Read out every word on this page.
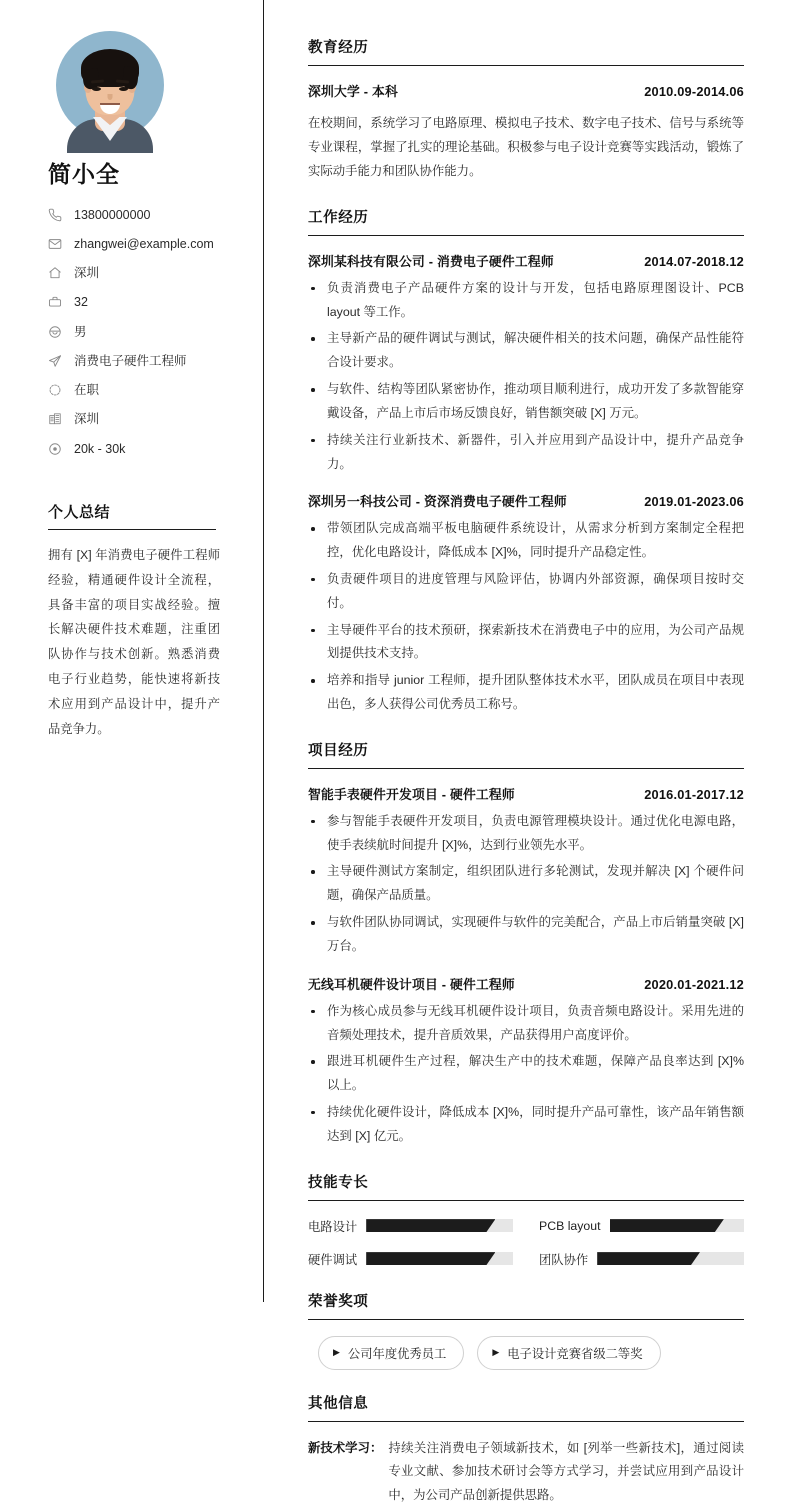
简小全
13800000000
zhangwei@example.com
深圳
32
男
消费电子硬件工程师
在职
深圳
20k - 30k
个人总结

拥有 [X] 年消费电子硬件工程师经验，精通硬件设计全流程，具备丰富的项目实战经验。擅长解决硬件技术难题，注重团队协作与技术创新。熟悉消费电子行业趋势，能快速将新技术应用到产品设计中，提升产品竞争力。

教育经历
深圳大学 - 本科	2010.09-2014.06

在校期间，系统学习了电路原理、模拟电子技术、数字电子技术、信号与系统等专业课程，掌握了扎实的理论基础。积极参与电子设计竞赛等实践活动，锻炼了实际动手能力和团队协作能力。

工作经历
深圳某科技有限公司 - 消费电子硬件工程师	2014.07-2018.12
负责消费电子产品硬件方案的设计与开发，包括电路原理图设计、PCB layout 等工作。
主导新产品的硬件调试与测试，解决硬件相关的技术问题，确保产品性能符合设计要求。
与软件、结构等团队紧密协作，推动项目顺利进行，成功开发了多款智能穿戴设备，产品上市后市场反馈良好，销售额突破 [X] 万元。
持续关注行业新技术、新器件，引入并应用到产品设计中，提升产品竞争力。
深圳另一科技公司 - 资深消费电子硬件工程师	2019.01-2023.06
带领团队完成高端平板电脑硬件系统设计，从需求分析到方案制定全程把控，优化电路设计，降低成本 [X]%，同时提升产品稳定性。
负责硬件项目的进度管理与风险评估，协调内外部资源，确保项目按时交付。
主导硬件平台的技术预研，探索新技术在消费电子中的应用，为公司产品规划提供技术支持。
培养和指导 junior 工程师，提升团队整体技术水平，团队成员在项目中表现出色，多人获得公司优秀员工称号。
项目经历
智能手表硬件开发项目 - 硬件工程师	2016.01-2017.12
参与智能手表硬件开发项目，负责电源管理模块设计。通过优化电源电路，使手表续航时间提升 [X]%，达到行业领先水平。
主导硬件测试方案制定，组织团队进行多轮测试，发现并解决 [X] 个硬件问题，确保产品质量。
与软件团队协同调试，实现硬件与软件的完美配合，产品上市后销量突破 [X] 万台。
无线耳机硬件设计项目 - 硬件工程师	2020.01-2021.12
作为核心成员参与无线耳机硬件设计项目，负责音频电路设计。采用先进的音频处理技术，提升音质效果，产品获得用户高度评价。
跟进耳机硬件生产过程，解决生产中的技术难题，保障产品良率达到 [X]% 以上。
持续优化硬件设计，降低成本 [X]%，同时提升产品可靠性，该产品年销售额达到 [X] 亿元。
技能专长
电路设计	PCB layout
硬件调试	团队协作
荣誉奖项
▶ 公司年度优秀员工	▶ 电子设计竞赛省级二等奖
其他信息
新技术学习： 持续关注消费电子领域新技术，如 [列举一些新技术]，通过阅读专业文献、参加技术研讨会等方式学习，并尝试应用到产品设计中，为公司产品创新提供思路。
